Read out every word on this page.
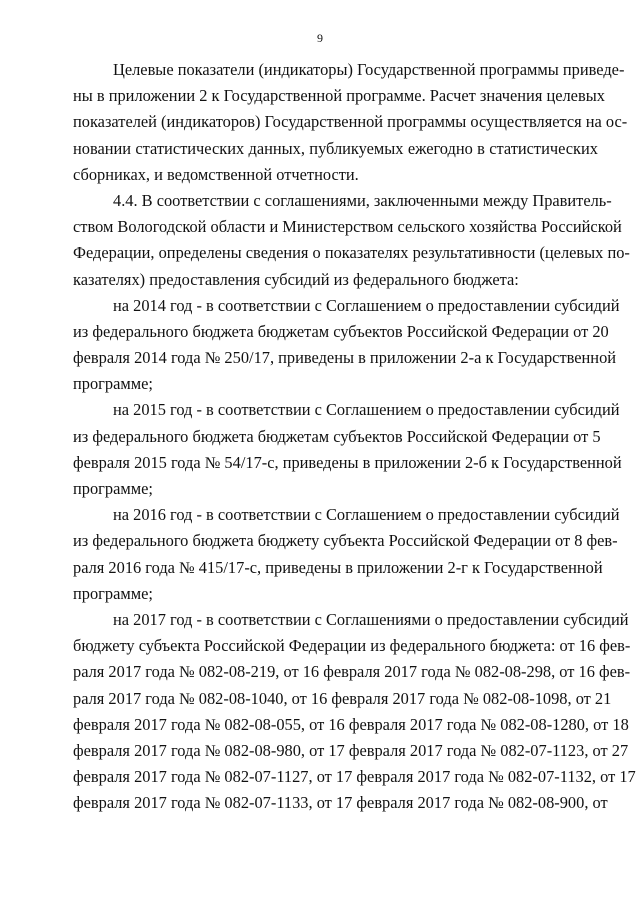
9
Целевые показатели (индикаторы) Государственной программы приведе-
ны в приложении 2 к Государственной программе. Расчет значения целевых
показателей (индикаторов) Государственной программы осуществляется на ос-
новании статистических данных, публикуемых ежегодно в статистических
сборниках, и ведомственной отчетности.
4.4. В соответствии с соглашениями, заключенными между Правитель-
ством Вологодской области и Министерством сельского хозяйства Российской
Федерации, определены сведения о показателях результативности (целевых по-
казателях) предоставления субсидий из федерального бюджета:
на 2014 год - в соответствии с Соглашением о предоставлении субсидий
из федерального бюджета бюджетам субъектов Российской Федерации от 20
февраля 2014 года № 250/17, приведены в приложении 2-а к Государственной
программе;
на 2015 год - в соответствии с Соглашением о предоставлении субсидий
из федерального бюджета бюджетам субъектов Российской Федерации от 5
февраля 2015 года № 54/17-с, приведены в приложении 2-б к Государственной
программе;
на 2016 год - в соответствии с Соглашением о предоставлении субсидий
из федерального бюджета бюджету субъекта Российской Федерации от 8 фев-
раля 2016 года № 415/17-с, приведены в приложении 2-г к Государственной
программе;
на 2017 год - в соответствии с Соглашениями о предоставлении субсидий
бюджету субъекта Российской Федерации из федерального бюджета: от 16 фев-
раля 2017 года № 082-08-219, от 16 февраля 2017 года № 082-08-298, от 16 фев-
раля 2017 года № 082-08-1040, от 16 февраля 2017 года № 082-08-1098, от 21
февраля 2017 года № 082-08-055, от 16 февраля 2017 года № 082-08-1280, от 18
февраля 2017 года № 082-08-980, от 17 февраля 2017 года № 082-07-1123, от 27
февраля 2017 года № 082-07-1127, от 17 февраля 2017 года № 082-07-1132, от 17
февраля 2017 года № 082-07-1133, от 17 февраля 2017 года № 082-08-900, от
